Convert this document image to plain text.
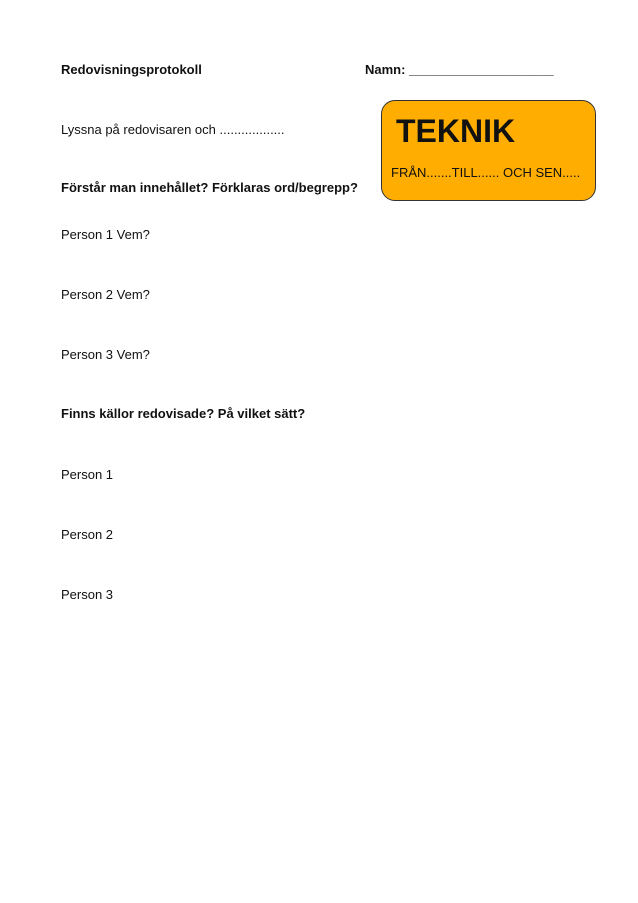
Redovisningsprotokoll	Namn: ____________________
Lyssna på redovisaren och ..................	TEKNIK
FRÅN.......TILL...... OCH SEN.....
Förstår man innehållet? Förklaras ord/begrepp?
Person 1 Vem?
Person 2 Vem?
Person 3 Vem?
Finns källor redovisade? På vilket sätt?
Person 1
Person 2
Person 3
